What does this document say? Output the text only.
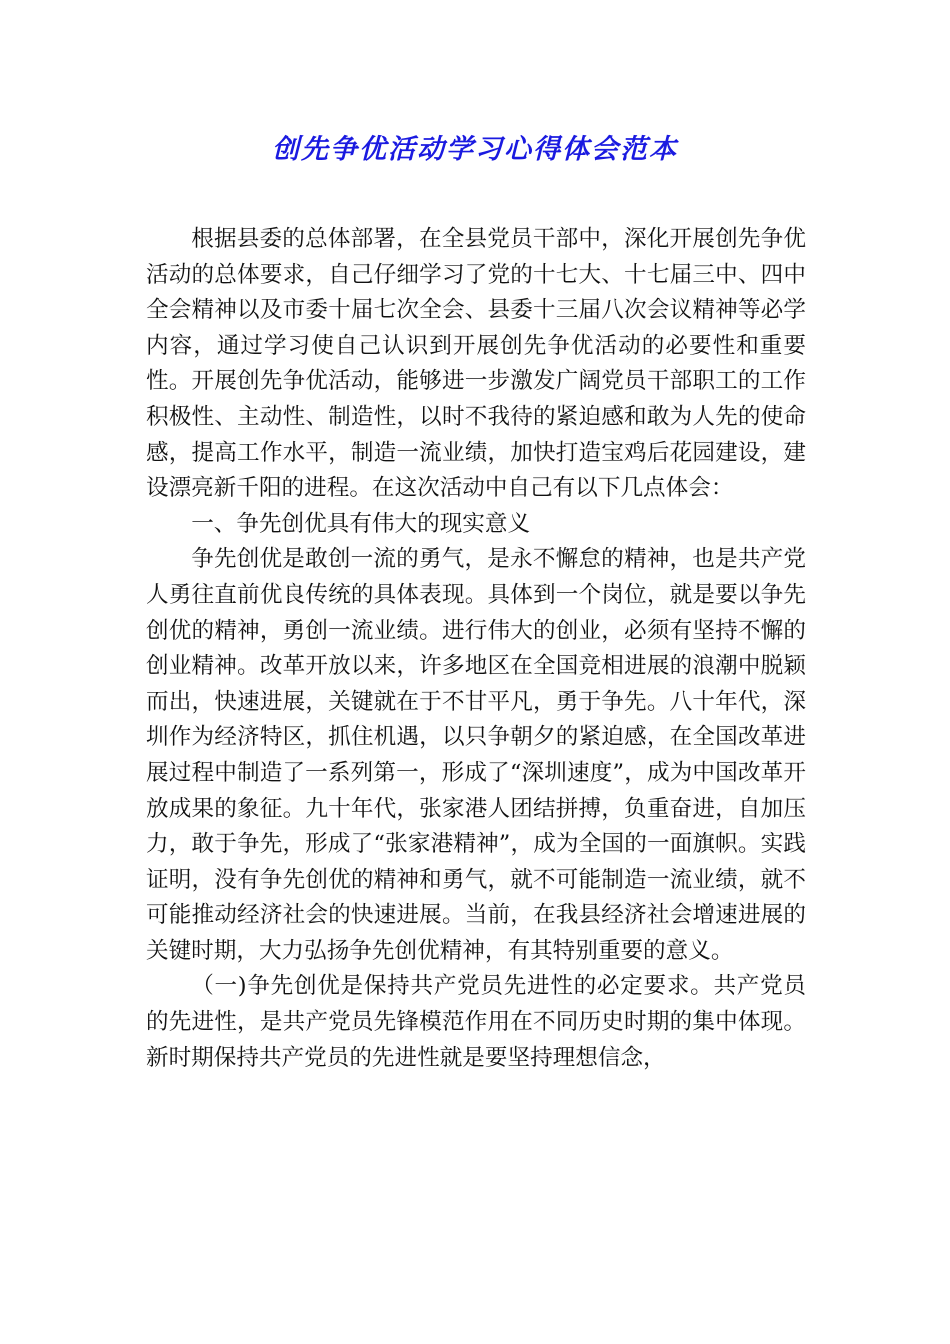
创先争优活动学习心得体会范本

根据县委的总体部署，在全县党员干部中，深化开展创先争优活动的总体要求，自己仔细学习了党的十七大、十七届三中、四中全会精神以及市委十届七次全会、县委十三届八次会议精神等必学内容，通过学习使自己认识到开展创先争优活动的必要性和重要性。开展创先争优活动，能够进一步激发广阔党员干部职工的工作积极性、主动性、制造性，以时不我待的紧迫感和敢为人先的使命感，提高工作水平，制造一流业绩，加快打造宝鸡后花园建设，建设漂亮新千阳的进程。在这次活动中自己有以下几点体会：

一、争先创优具有伟大的现实意义

争先创优是敢创一流的勇气，是永不懈怠的精神，也是共产党人勇往直前优良传统的具体表现。具体到一个岗位，就是要以争先创优的精神，勇创一流业绩。进行伟大的创业，必须有坚持不懈的创业精神。改革开放以来，许多地区在全国竞相进展的浪潮中脱颖而出，快速进展，关键就在于不甘平凡，勇于争先。八十年代，深圳作为经济特区，抓住机遇，以只争朝夕的紧迫感，在全国改革进展过程中制造了一系列第一，形成了“深圳速度”，成为中国改革开放成果的象征。九十年代，张家港人团结拼搏，负重奋进，自加压力，敢于争先，形成了“张家港精神”，成为全国的一面旗帜。实践证明，没有争先创优的精神和勇气，就不可能制造一流业绩，就不可能推动经济社会的快速进展。当前，在我县经济社会增速进展的关键时期，大力弘扬争先创优精神，有其特别重要的意义。

（一)争先创优是保持共产党员先进性的必定要求。共产党员的先进性，是共产党员先锋模范作用在不同历史时期的集中体现。新时期保持共产党员的先进性就是要坚持理想信念，
